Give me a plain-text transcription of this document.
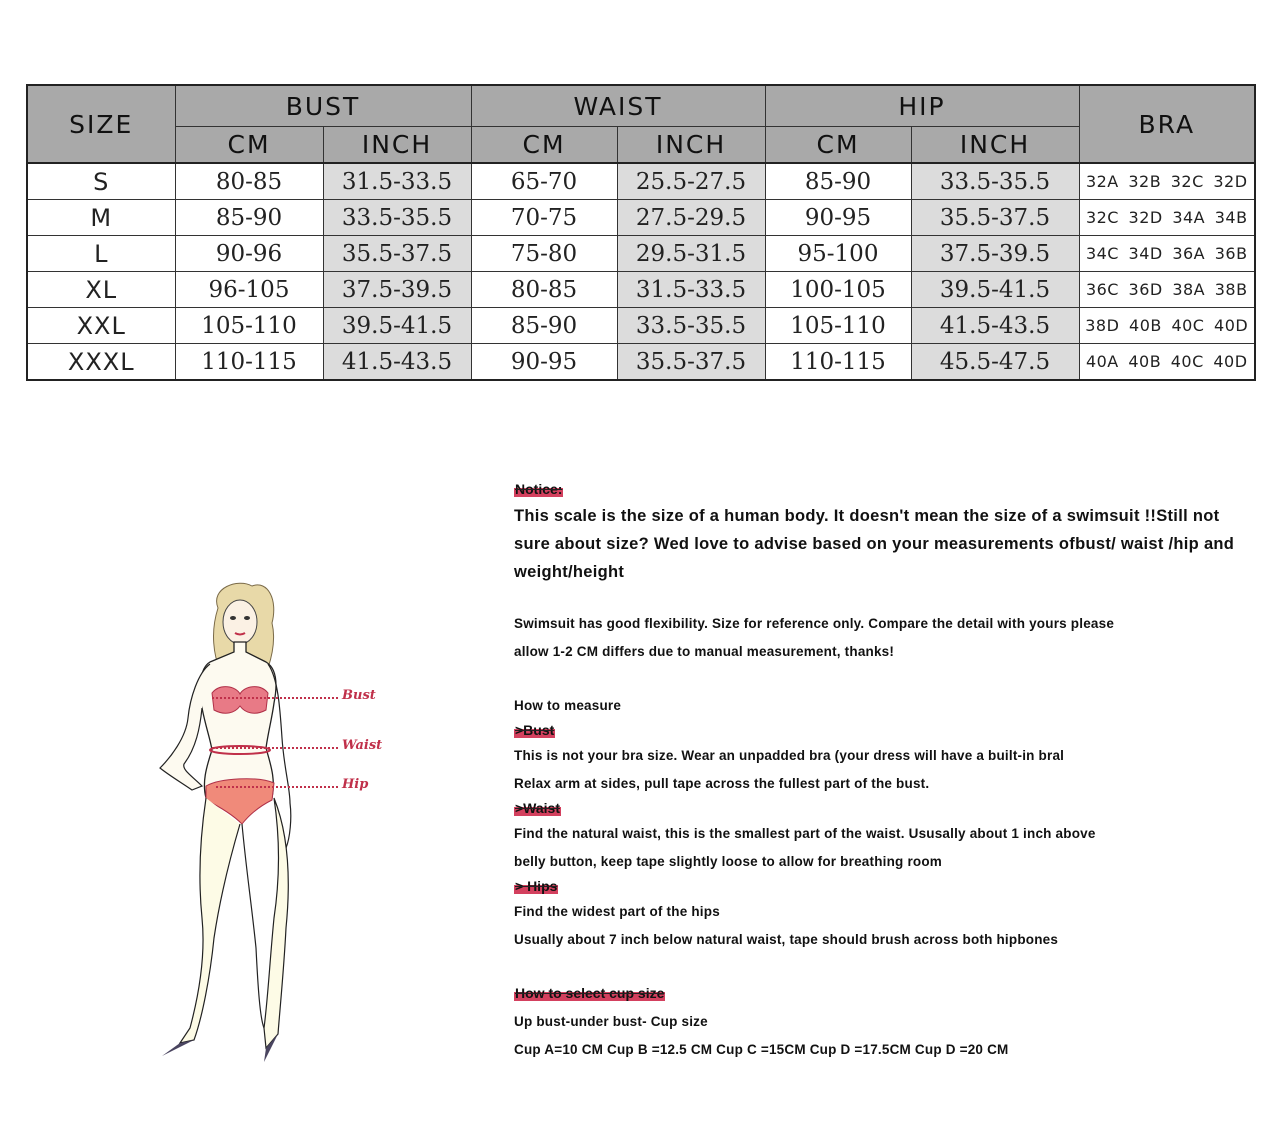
SIZE	BUST		WAIST		HIP		BRA
	CM	INCH	CM	INCH	CM	INCH	
S	80-85	31.5-33.5	65-70	25.5-27.5	85-90	33.5-35.5	32A 32B 32C 32D
M	85-90	33.5-35.5	70-75	27.5-29.5	90-95	35.5-37.5	32C 32D 34A 34B
L	90-96	35.5-37.5	75-80	29.5-31.5	95-100	37.5-39.5	34C 34D 36A 36B
XL	96-105	37.5-39.5	80-85	31.5-33.5	100-105	39.5-41.5	36C 36D 38A 38B
XXL	105-110	39.5-41.5	85-90	33.5-35.5	105-110	41.5-43.5	38D 40B 40C 40D
XXXL	110-115	41.5-43.5	90-95	35.5-37.5	110-115	45.5-47.5	40A 40B 40C 40D
Bust
Waist
Hip
Notice:

This scale is the size of a human body. It doesn't mean the size of a swimsuit !!Still not sure about size? Wed love to advise based on your measurements ofbust/ waist /hip and weight/height

Swimsuit has good flexibility. Size for reference only. Compare the detail with yours please

allow 1-2 CM differs due to manual measurement, thanks!

How to measure

>Bust

This is not your bra size. Wear an unpadded bra (your dress will have a built-in bral

Relax arm at sides, pull tape across the fullest part of the bust.

>Waist

Find the natural waist, this is the smallest part of the waist. Ususally about 1 inch above

belly button, keep tape slightly loose to allow for breathing room

> Hips

Find the widest part of the hips

Usually about 7 inch below natural waist, tape should brush across both hipbones

How to select cup size

Up bust-under bust- Cup size

Cup A=10 CM Cup B =12.5 CM Cup C =15CM Cup D =17.5CM Cup D =20 CM
